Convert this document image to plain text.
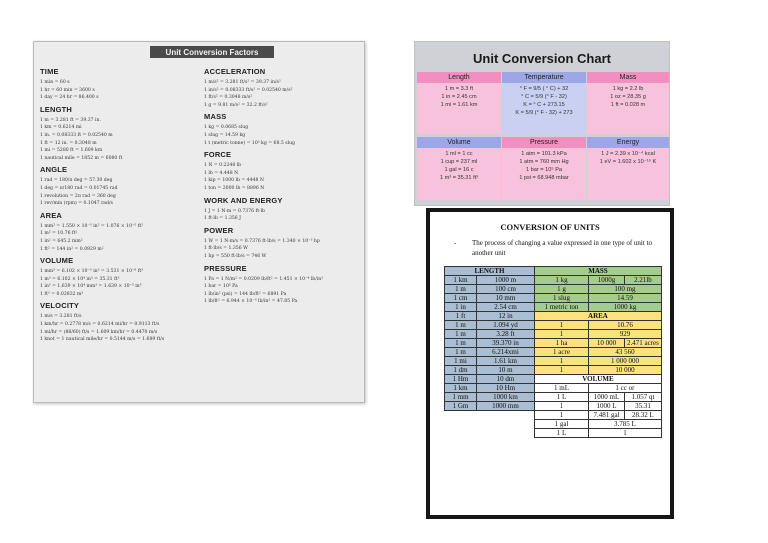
Unit Conversion Factors
TIME
1 min = 60 s
1 hr = 60 min = 3600 s
1 day = 24 hr = 86,400 s
LENGTH
1 m = 3.281 ft = 39.37 in.
1 km = 0.6214 mi
1 in. = 0.08333 ft = 0.02540 m
1 ft = 12 in. = 0.3048 m
1 mi = 5280 ft = 1.609 km
1 nautical mile = 1852 m = 6080 ft
ANGLE
1 rad = 180/π deg = 57.30 deg
1 deg = π/180 rad = 0.01745 rad
1 revolution = 2π rad = 360 deg
1 rev/min (rpm) = 0.1047 rad/s
AREA
1 mm² = 1.550 × 10⁻³ in² = 1.076 × 10⁻⁵ ft²
1 m² = 10.76 ft²
1 in² = 645.2 mm²
1 ft² = 144 in² = 0.0929 m²
VOLUME
1 mm³ = 6.102 × 10⁻⁵ in³ = 3.531 × 10⁻⁸ ft³
1 m³ = 6.102 × 10⁴ in³ = 35.31 ft³
1 in³ = 1.639 × 10⁴ mm³ = 1.639 × 10⁻⁵ m³
1 ft³ = 0.02832 m³
VELOCITY
1 m/s = 3.281 ft/s
1 km/hr = 0.2778 m/s = 0.6214 mi/hr = 0.9113 ft/s
1 mi/hr = (88/60) ft/s = 1.609 km/hr = 0.4470 m/s
1 knot = 1 nautical mile/hr = 0.5144 m/s = 1.689 ft/s
ACCELERATION
1 m/s² = 3.281 ft/s² = 39.37 in/s²
1 in/s² = 0.08333 ft/s² = 0.02540 m/s²
1 ft/s² = 0.3048 m/s²
1 g = 9.81 m/s² = 32.2 ft/s²
MASS
1 kg = 0.0685 slug
1 slug = 14.59 kg
1 t (metric tonne) = 10³ kg = 68.5 slug
FORCE
1 N = 0.2248 lb
1 lb = 4.448 N
1 kip = 1000 lb = 4448 N
1 ton = 2000 lb = 8896 N
WORK AND ENERGY
1 J = 1 N·m = 0.7376 ft·lb
1 ft·lb = 1.356 J
POWER
1 W = 1 N·m/s = 0.7376 ft·lb/s = 1.340 × 10⁻³ hp
1 ft·lb/s = 1.356 W
1 hp = 550 ft·lb/s = 746 W
PRESSURE
1 Pa = 1 N/m² = 0.0209 lb/ft² = 1.451 × 10⁻⁴ lb/in²
1 bar = 10⁵ Pa
1 lb/in² (psi) = 144 lb/ft² = 6891 Pa
1 lb/ft² = 6.944 × 10⁻³ lb/in² = 47.85 Pa
Unit Conversion Chart
Length
1 m = 3.3 ft
1 in = 2.45 cm
1 mi = 1.61 km
Temperature
° F = 9/5 ( ° C) + 32
° C = 5/9 (° F - 32)
K = ° C + 273.15
K = 5/9 (° F - 32) + 273
Mass
1 kg = 2.2 lb
1 oz = 28.35 g
1 ft = 0.028 m
Volume
1 ml = 1 cc
1 cup = 237 ml
1 gal = 16 c
1 m³ = 35.31 ft³
Pressure
1 atm = 101.3 kPa
1 atm = 760 mm Hg
1 bar = 10⁵ Pa
1 psi = 68.948 mbar
Energy
1 J = 2.39 x 10⁻⁴ kcal
1 eV = 1.602 x 10⁻¹⁹ K
CONVERSION OF UNITS
-	The process of changing a value expressed in one type of unit to another unit
LENGTH		MASS		
1 km	1000 m	1 kg	1000g	2.21lb
1 m	100 cm	1 g	100 mg	
1 cm	10 mm	1 slug	14.59	
1 in	2.54 cm	1 metric ton	1000 kg	
1 ft	12 in	AREA		
1 m	1.094 yd	1	10.76	
1 m	3.28 ft	1	929	
1 m	39.370 in	1 ha	10 000	2.471 acres
1 m	6.214xmi	1 acre	43 560	
1 mi	1.61 km	1	1 000 000	
1 dm	10 m	1	10 000	
1 Hm	10 dm	VOLUME		
1 km	10 Hm	1 mL	1 cc or	
1 mm	1000 km	1 L	1000 mL	1.057 qt
1 Gm	1000 mm	1	1000 L	35.31
		1	7.481 gal	28.32 L
		1 gal	3.785 L	
		1 L	1	
